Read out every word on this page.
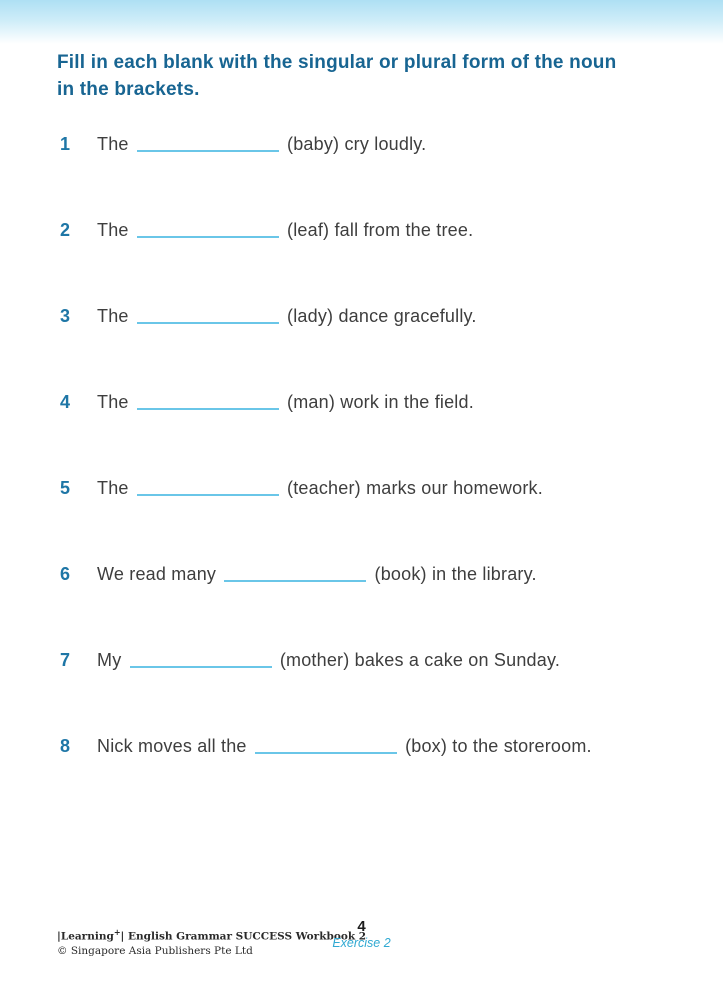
Fill in each blank with the singular or plural form of the noun
in the brackets.
1	The	(baby) cry loudly.
2	The	(leaf) fall from the tree.
3	The	(lady) dance gracefully.
4	The	(man) work in the field.
5	The	(teacher) marks our homework.
6	We read many	(book) in the library.
7	My	(mother) bakes a cake on Sunday.
8	Nick moves all the	(box) to the storeroom.
|Learning+| English Grammar SUCCESS Workbook 2
© Singapore Asia Publishers Pte Ltd
4
Exercise 2
